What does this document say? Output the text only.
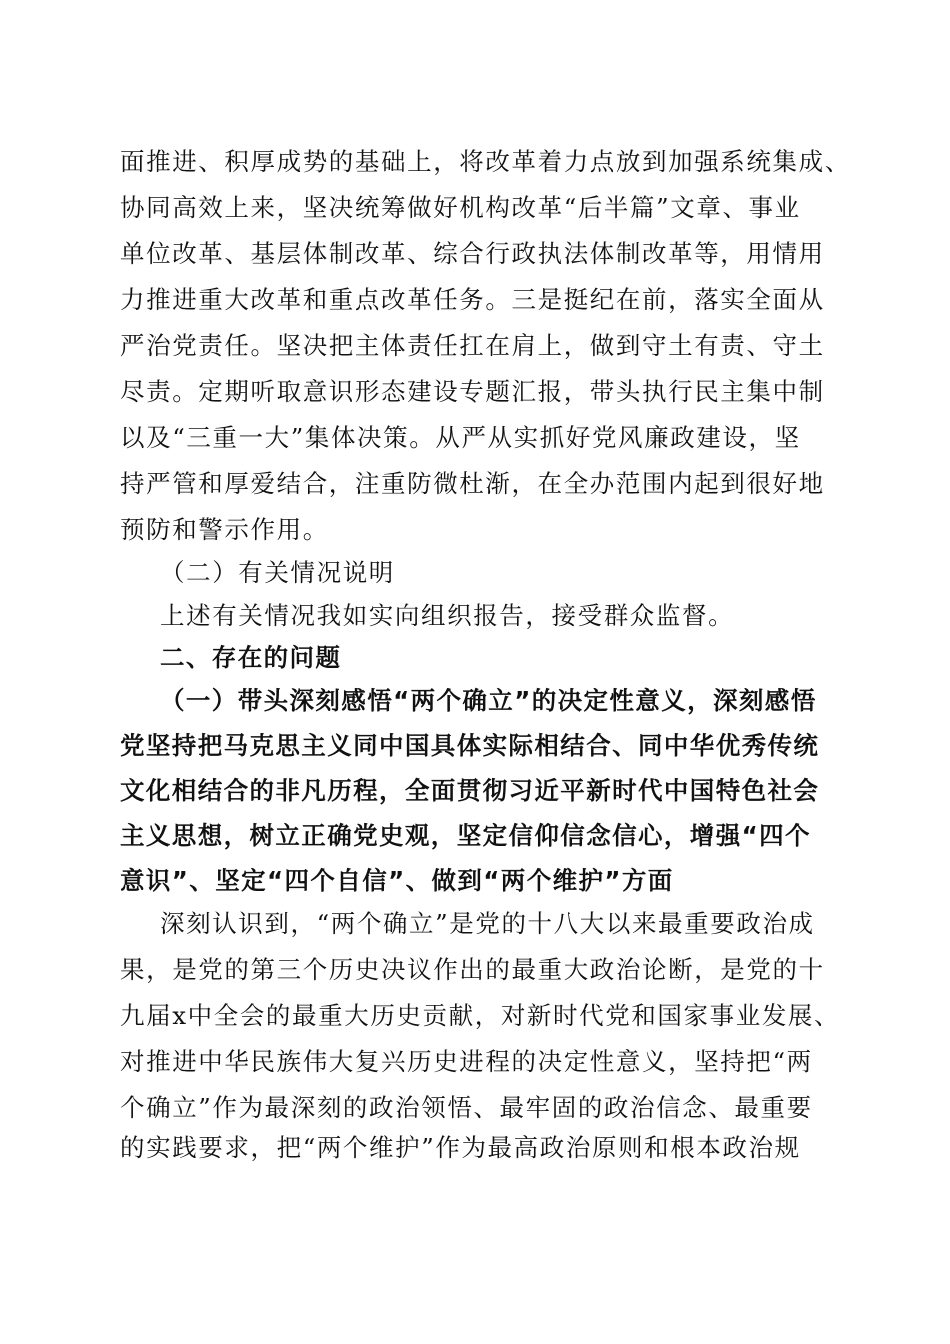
面推进、积厚成势的基础上，将改革着力点放到加强系统集成、
协同高效上来，坚决统筹做好机构改革“后半篇”文章、事业
单位改革、基层体制改革、综合行政执法体制改革等，用情用
力推进重大改革和重点改革任务。三是挺纪在前，落实全面从
严治党责任。坚决把主体责任扛在肩上，做到守土有责、守土
尽责。定期听取意识形态建设专题汇报，带头执行民主集中制
以及“三重一大”集体决策。从严从实抓好党风廉政建设，坚
持严管和厚爱结合，注重防微杜渐，在全办范围内起到很好地
预防和警示作用。
（二）有关情况说明
上述有关情况我如实向组织报告，接受群众监督。
二、存在的问题
（一）带头深刻感悟“两个确立”的决定性意义，深刻感悟
党坚持把马克思主义同中国具体实际相结合、同中华优秀传统
文化相结合的非凡历程，全面贯彻习近平新时代中国特色社会
主义思想，树立正确党史观，坚定信仰信念信心，增强“四个
意识”、坚定“四个自信”、做到“两个维护”方面
深刻认识到，“两个确立”是党的十八大以来最重要政治成
果，是党的第三个历史决议作出的最重大政治论断，是党的十
九届x中全会的最重大历史贡献，对新时代党和国家事业发展、
对推进中华民族伟大复兴历史进程的决定性意义，坚持把“两
个确立”作为最深刻的政治领悟、最牢固的政治信念、最重要
的实践要求，把“两个维护”作为最高政治原则和根本政治规
